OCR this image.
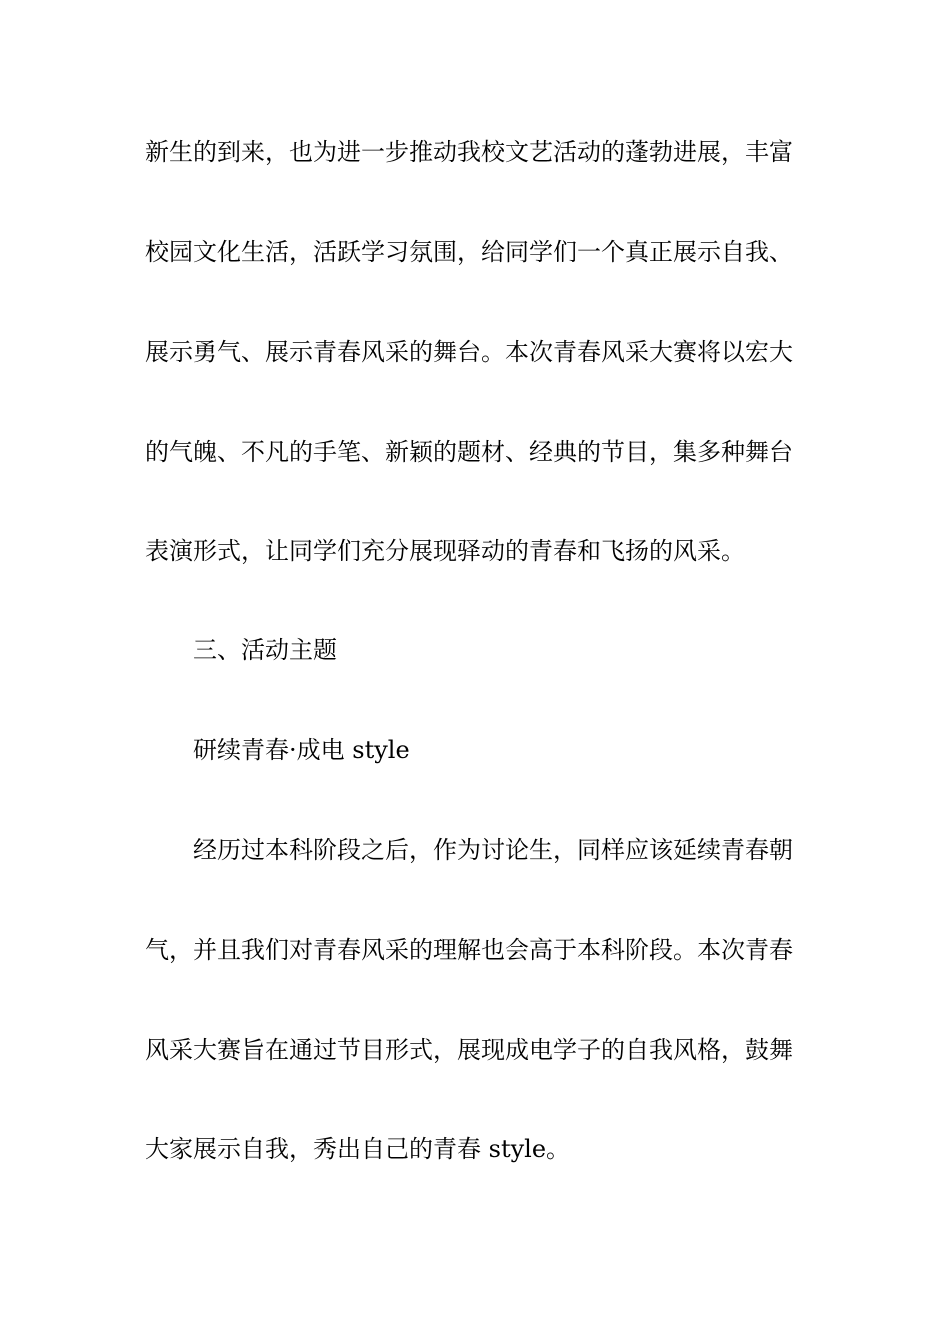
新生的到来，也为进一步推动我校文艺活动的蓬勃进展，丰富
校园文化生活，活跃学习氛围，给同学们一个真正展示自我、
展示勇气、展示青春风采的舞台。本次青春风采大赛将以宏大
的气魄、不凡的手笔、新颖的题材、经典的节目，集多种舞台
表演形式，让同学们充分展现驿动的青春和飞扬的风采。
三、活动主题
研续青春·成电 style
经历过本科阶段之后，作为讨论生，同样应该延续青春朝
气，并且我们对青春风采的理解也会高于本科阶段。本次青春
风采大赛旨在通过节目形式，展现成电学子的自我风格，鼓舞
大家展示自我，秀出自己的青春 style。
